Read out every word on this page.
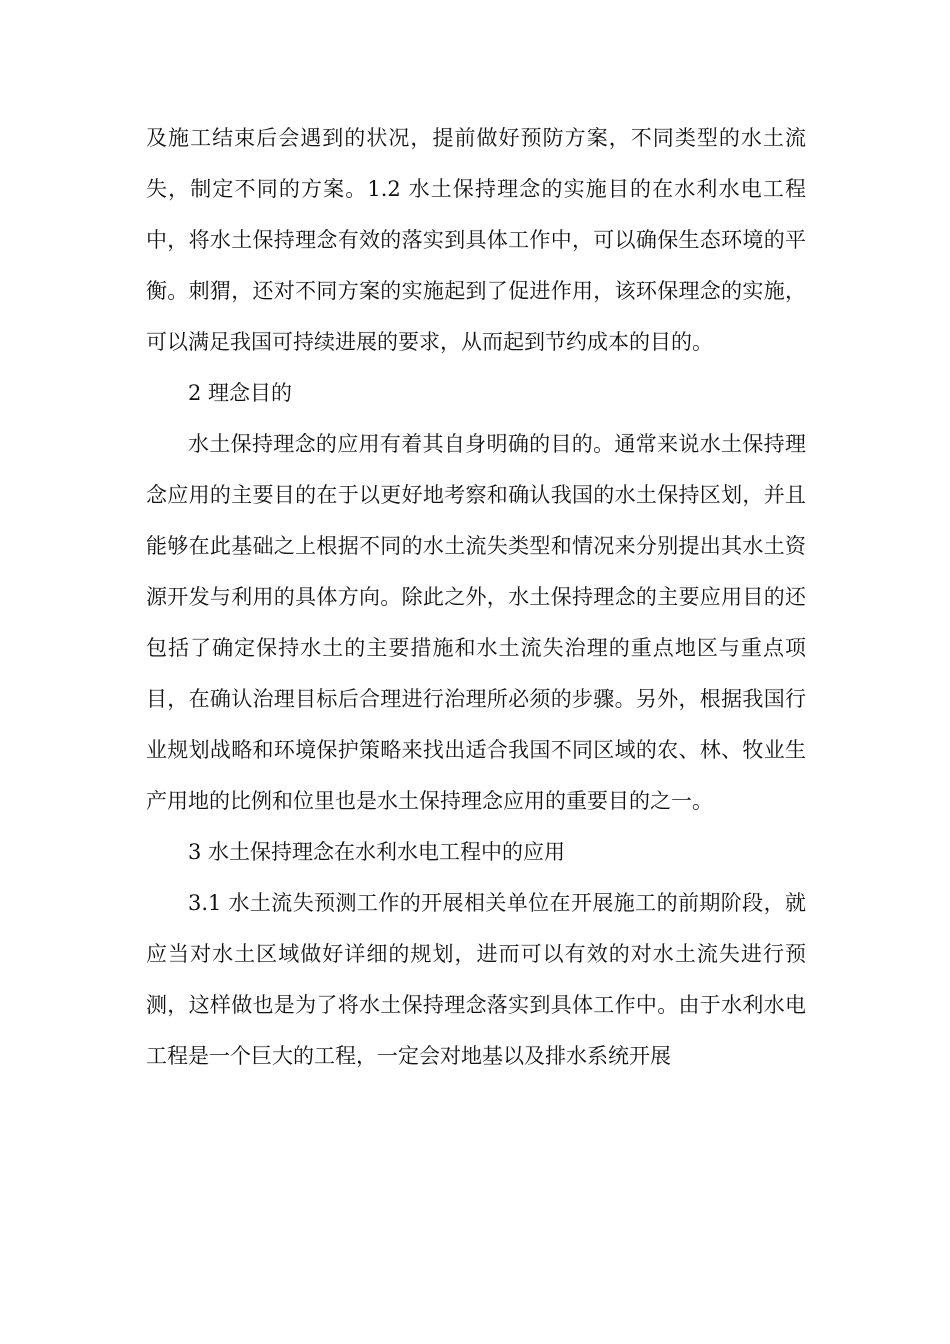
及施工结束后会遇到的状况，提前做好预防方案，不同类型的水土流失，制定不同的方案。1.2 水土保持理念的实施目的在水利水电工程中，将水土保持理念有效的落实到具体工作中，可以确保生态环境的平衡。刺猬，还对不同方案的实施起到了促进作用，该环保理念的实施，可以满足我国可持续进展的要求，从而起到节约成本的目的。

2 理念目的

水土保持理念的应用有着其自身明确的目的。通常来说水土保持理念应用的主要目的在于以更好地考察和确认我国的水土保持区划，并且能够在此基础之上根据不同的水土流失类型和情况来分别提出其水土资源开发与利用的具体方向。除此之外，水土保持理念的主要应用目的还包括了确定保持水土的主要措施和水土流失治理的重点地区与重点项目，在确认治理目标后合理进行治理所必须的步骤。另外，根据我国行业规划战略和环境保护策略来找出适合我国不同区域的农、林、牧业生产用地的比例和位里也是水土保持理念应用的重要目的之一。

3 水土保持理念在水利水电工程中的应用

3.1 水土流失预测工作的开展相关单位在开展施工的前期阶段，就应当对水土区域做好详细的规划，进而可以有效的对水土流失进行预测，这样做也是为了将水土保持理念落实到具体工作中。由于水利水电工程是一个巨大的工程，一定会对地基以及排水系统开展
